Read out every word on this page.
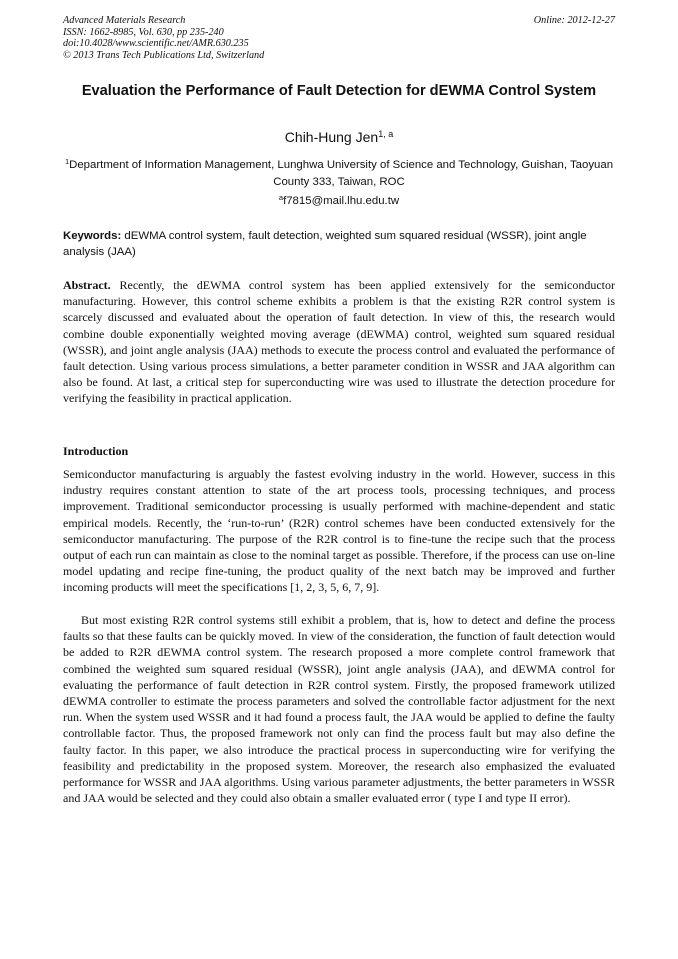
Advanced Materials Research
ISSN: 1662-8985, Vol. 630, pp 235-240
doi:10.4028/www.scientific.net/AMR.630.235
© 2013 Trans Tech Publications Ltd, Switzerland
Online: 2012-12-27
Evaluation the Performance of Fault Detection for dEWMA Control System
Chih-Hung Jen$^{1, a}$
$^1$Department of Information Management, Lunghwa University of Science and Technology, Guishan, Taoyuan County 333, Taiwan, ROC
$^a$f7815@mail.lhu.edu.tw
Keywords: dEWMA control system, fault detection, weighted sum squared residual (WSSR), joint angle analysis (JAA)
Abstract. Recently, the dEWMA control system has been applied extensively for the semiconductor manufacturing. However, this control scheme exhibits a problem is that the existing R2R control system is scarcely discussed and evaluated about the operation of fault detection. In view of this, the research would combine double exponentially weighted moving average (dEWMA) control, weighted sum squared residual (WSSR), and joint angle analysis (JAA) methods to execute the process control and evaluated the performance of fault detection. Using various process simulations, a better parameter condition in WSSR and JAA algorithm can also be found. At last, a critical step for superconducting wire was used to illustrate the detection procedure for verifying the feasibility in practical application.
Introduction
Semiconductor manufacturing is arguably the fastest evolving industry in the world. However, success in this industry requires constant attention to state of the art process tools, processing techniques, and process improvement. Traditional semiconductor processing is usually performed with machine-dependent and static empirical models. Recently, the ‘run-to-run’ (R2R) control schemes have been conducted extensively for the semiconductor manufacturing. The purpose of the R2R control is to fine-tune the recipe such that the process output of each run can maintain as close to the nominal target as possible. Therefore, if the process can use on-line model updating and recipe fine-tuning, the product quality of the next batch may be improved and further incoming products will meet the specifications [1, 2, 3, 5, 6, 7, 9].
But most existing R2R control systems still exhibit a problem, that is, how to detect and define the process faults so that these faults can be quickly moved. In view of the consideration, the function of fault detection would be added to R2R dEWMA control system. The research proposed a more complete control framework that combined the weighted sum squared residual (WSSR), joint angle analysis (JAA), and dEWMA control for evaluating the performance of fault detection in R2R control system. Firstly, the proposed framework utilized dEWMA controller to estimate the process parameters and solved the controllable factor adjustment for the next run. When the system used WSSR and it had found a process fault, the JAA would be applied to define the faulty controllable factor. Thus, the proposed framework not only can find the process fault but may also define the faulty factor. In this paper, we also introduce the practical process in superconducting wire for verifying the feasibility and predictability in the proposed system. Moreover, the research also emphasized the evaluated performance for WSSR and JAA algorithms. Using various parameter adjustments, the better parameters in WSSR and JAA would be selected and they could also obtain a smaller evaluated error ( type I and type II error).
